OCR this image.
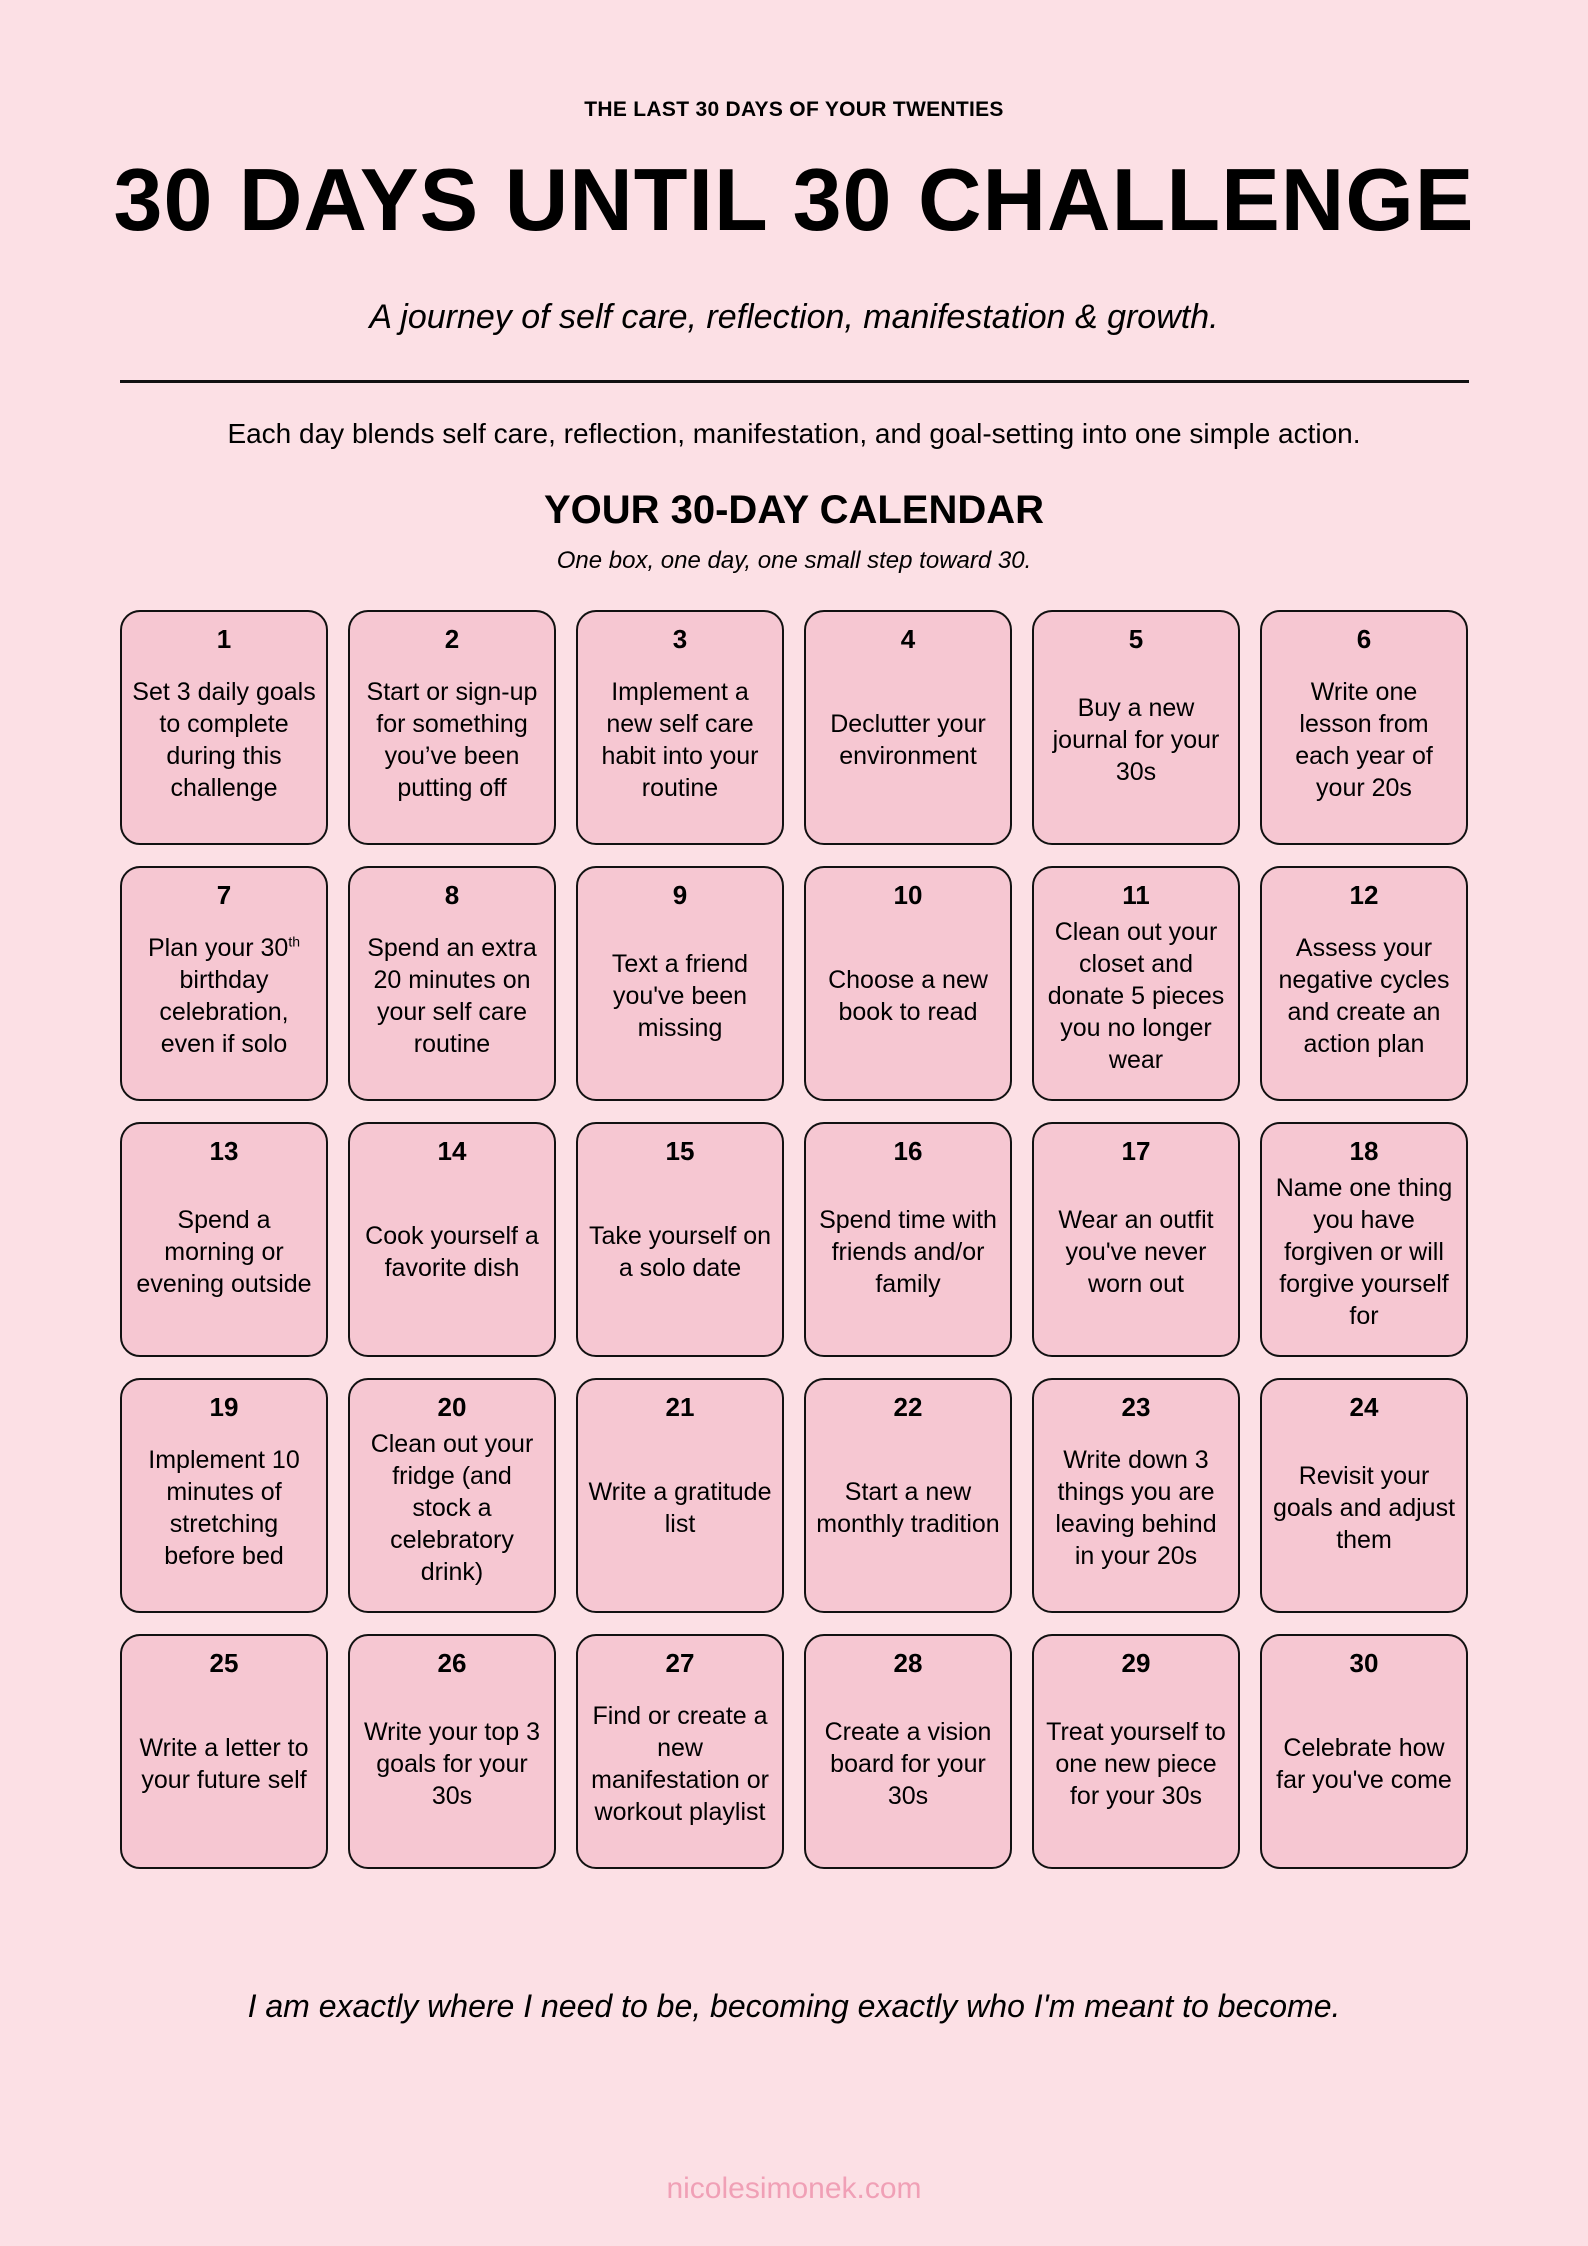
THE LAST 30 DAYS OF YOUR TWENTIES
30 DAYS UNTIL 30 CHALLENGE
A journey of self care, reflection, manifestation & growth.
Each day blends self care, reflection, manifestation, and goal-setting into one simple action.
YOUR 30-DAY CALENDAR
One box, one day, one small step toward 30.
1
Set 3 daily goals to complete during this challenge
2
Start or sign-up for something you’ve been putting off
3
Implement a new self care habit into your routine
4
Declutter your environment
5
Buy a new journal for your 30s
6
Write one lesson from each year of your 20s
7
Plan your 30th birthday celebration, even if solo
8
Spend an extra 20 minutes on your self care routine
9
Text a friend you've been missing
10
Choose a new book to read
11
Clean out your closet and donate 5 pieces you no longer wear
12
Assess your negative cycles and create an action plan
13
Spend a morning or evening outside
14
Cook yourself a favorite dish
15
Take yourself on a solo date
16
Spend time with friends and/or family
17
Wear an outfit you've never worn out
18
Name one thing you have forgiven or will forgive yourself for
19
Implement 10 minutes of stretching before bed
20
Clean out your fridge (and stock a celebratory drink)
21
Write a gratitude list
22
Start a new monthly tradition
23
Write down 3 things you are leaving behind in your 20s
24
Revisit your goals and adjust them
25
Write a letter to your future self
26
Write your top 3 goals for your 30s
27
Find or create a new manifestation or workout playlist
28
Create a vision board for your 30s
29
Treat yourself to one new piece for your 30s
30
Celebrate how far you've come
I am exactly where I need to be, becoming exactly who I'm meant to become.
nicolesimonek.com
